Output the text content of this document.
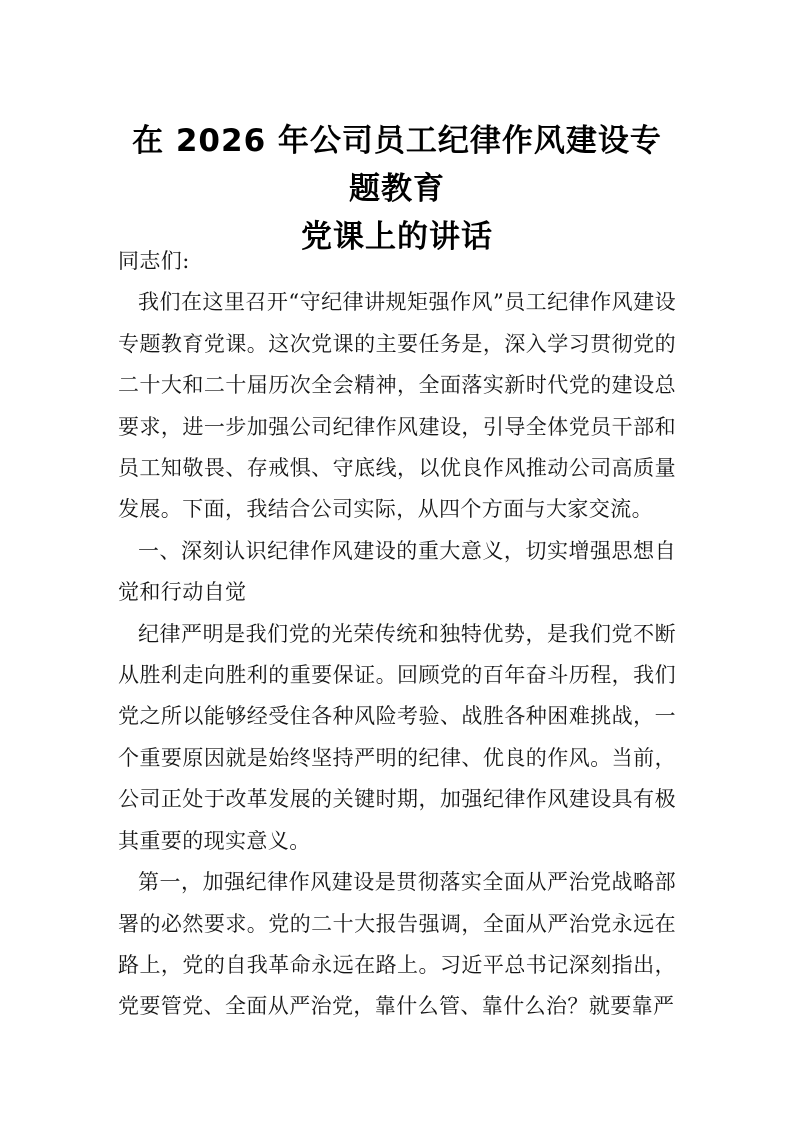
在 2026 年公司员工纪律作风建设专题教育
党课上的讲话

同志们:

我们在这里召开“守纪律讲规矩强作风”员工纪律作风建设专题教育党课。这次党课的主要任务是，深入学习贯彻党的二十大和二十届历次全会精神，全面落实新时代党的建设总要求，进一步加强公司纪律作风建设，引导全体党员干部和员工知敬畏、存戒惧、守底线，以优良作风推动公司高质量发展。下面，我结合公司实际，从四个方面与大家交流。

一、深刻认识纪律作风建设的重大意义，切实增强思想自觉和行动自觉

纪律严明是我们党的光荣传统和独特优势，是我们党不断从胜利走向胜利的重要保证。回顾党的百年奋斗历程，我们党之所以能够经受住各种风险考验、战胜各种困难挑战，一个重要原因就是始终坚持严明的纪律、优良的作风。当前，公司正处于改革发展的关键时期，加强纪律作风建设具有极其重要的现实意义。

第一，加强纪律作风建设是贯彻落实全面从严治党战略部署的必然要求。党的二十大报告强调，全面从严治党永远在路上，党的自我革命永远在路上。习近平总书记深刻指出，党要管党、全面从严治党，靠什么管、靠什么治？就要靠严
